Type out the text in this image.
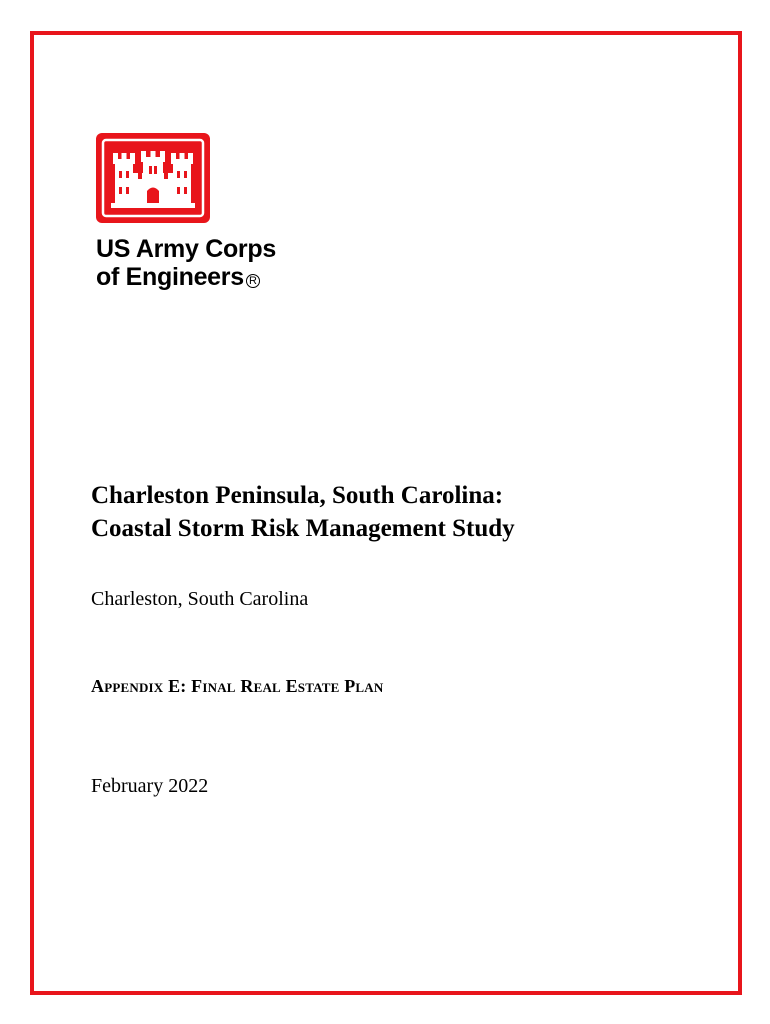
US Army Corps
of Engineers R
Charleston Peninsula, South Carolina:
Coastal Storm Risk Management Study
Charleston, South Carolina
Appendix E: Final Real Estate Plan
February 2022
